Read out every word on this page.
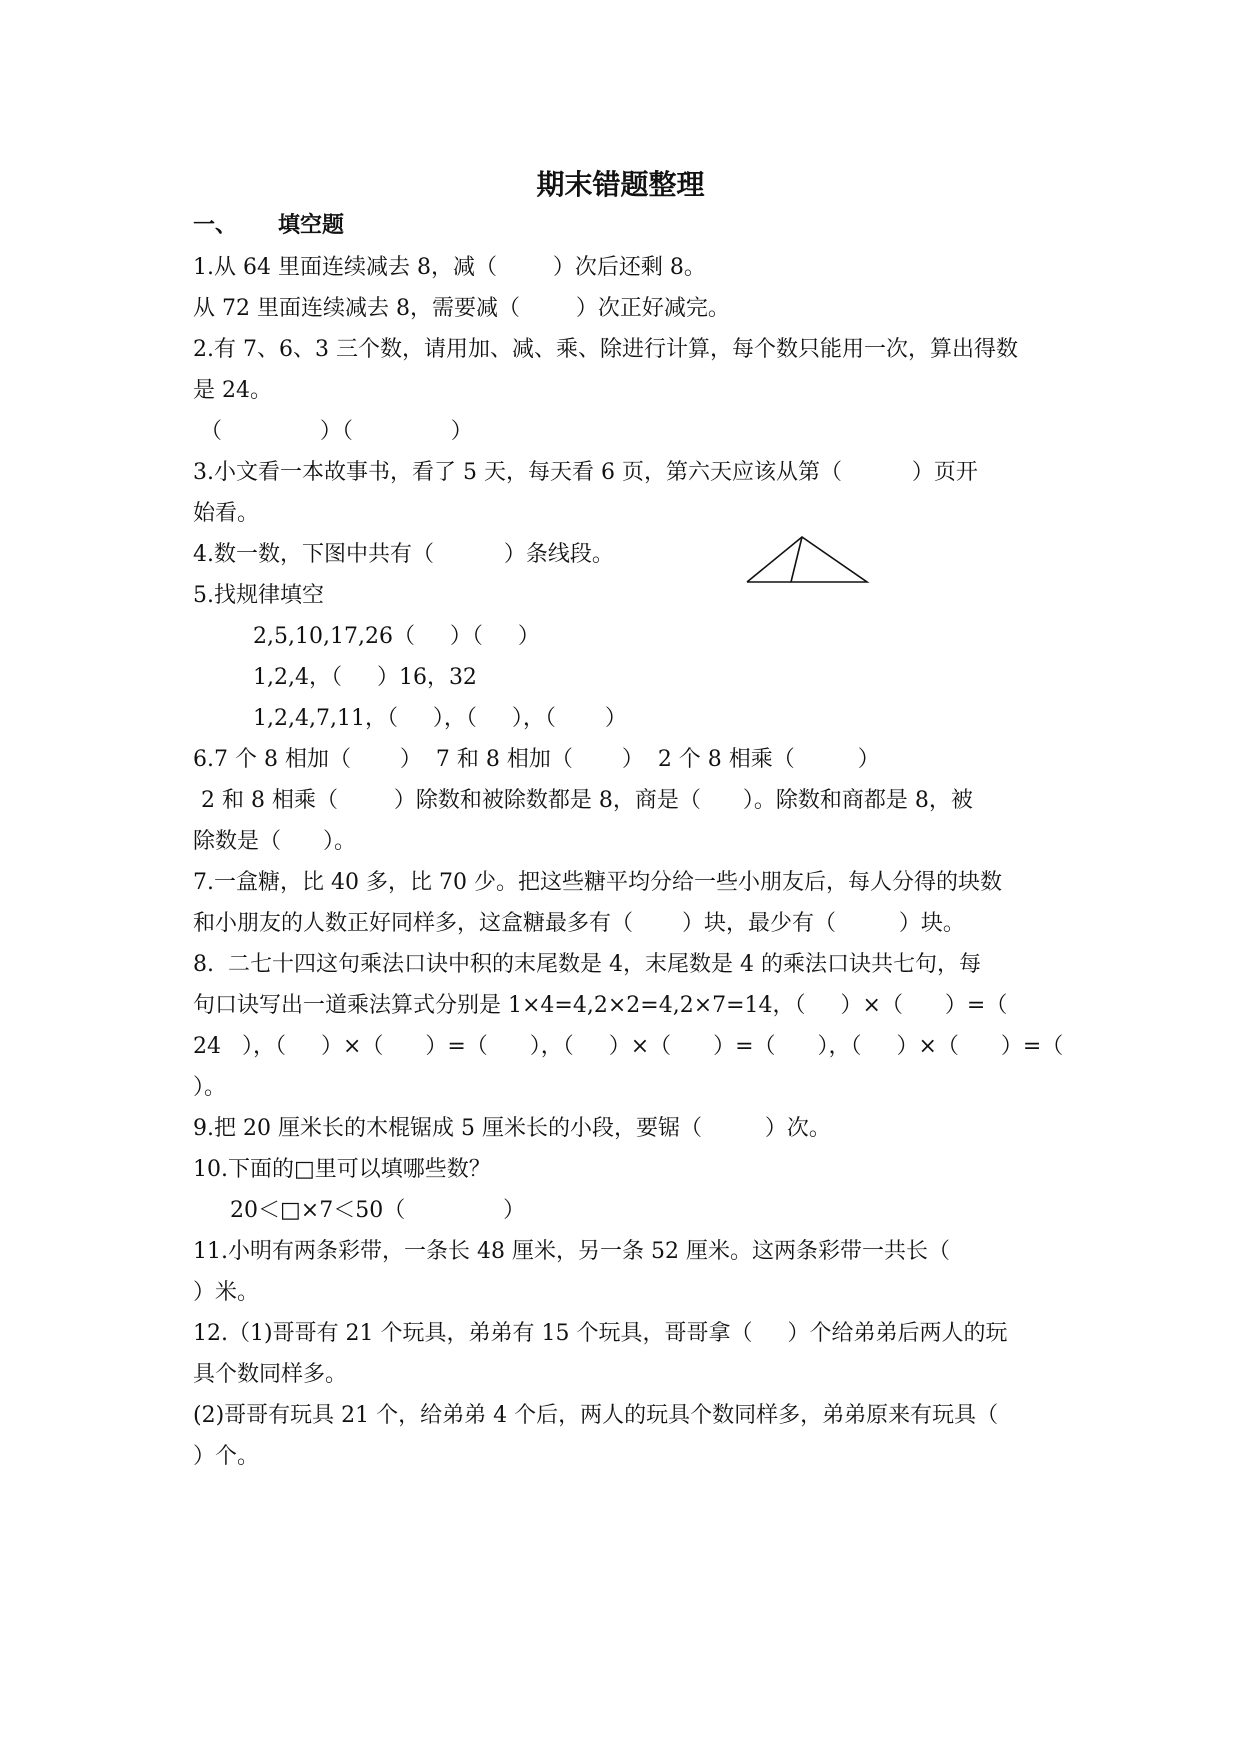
期末错题整理
一、 填空题
1.从 64 里面连续减去 8，减（        ）次后还剩 8。
从 72 里面连续减去 8，需要减（        ）次正好减完。
2.有 7、6、3 三个数，请用加、减、乘、除进行计算，每个数只能用一次，算出得数
是 24。
（              ）（              ）
3.小文看一本故事书，看了 5 天，每天看 6 页，第六天应该从第（          ）页开
始看。
4.数一数，下图中共有（          ）条线段。
5.找规律填空
2,5,10,17,26（     ）（     ）
1,2,4，（     ）16，32
1,2,4,7,11，（     ），（     ），（       ）
6.7 个 8 相加（       ）  7 和 8 相加（       ）  2 个 8 相乘（         ）
2 和 8 相乘（        ）除数和被除数都是 8，商是（      ）。除数和商都是 8，被
除数是（      ）。
7.一盒糖，比 40 多，比 70 少。把这些糖平均分给一些小朋友后，每人分得的块数
和小朋友的人数正好同样多，这盒糖最多有（       ）块，最少有（         ）块。
8.  二七十四这句乘法口诀中积的末尾数是 4，末尾数是 4 的乘法口诀共七句，每
句口诀写出一道乘法算式分别是 1×4=4,2×2=4,2×7=14，（     ）×（      ）=（
24   ），（     ）×（      ）=（      ），（     ）×（      ）=（      ），（     ）×（      ）=（
）。
9.把 20 厘米长的木棍锯成 5 厘米长的小段，要锯（         ）次。
10.下面的□里可以填哪些数？
20＜□×7＜50（              ）
11.小明有两条彩带，一条长 48 厘米，另一条 52 厘米。这两条彩带一共长（
）米。
12.（1)哥哥有 21 个玩具，弟弟有 15 个玩具，哥哥拿（     ）个给弟弟后两人的玩
具个数同样多。
(2)哥哥有玩具 21 个，给弟弟 4 个后，两人的玩具个数同样多，弟弟原来有玩具（
）个。
